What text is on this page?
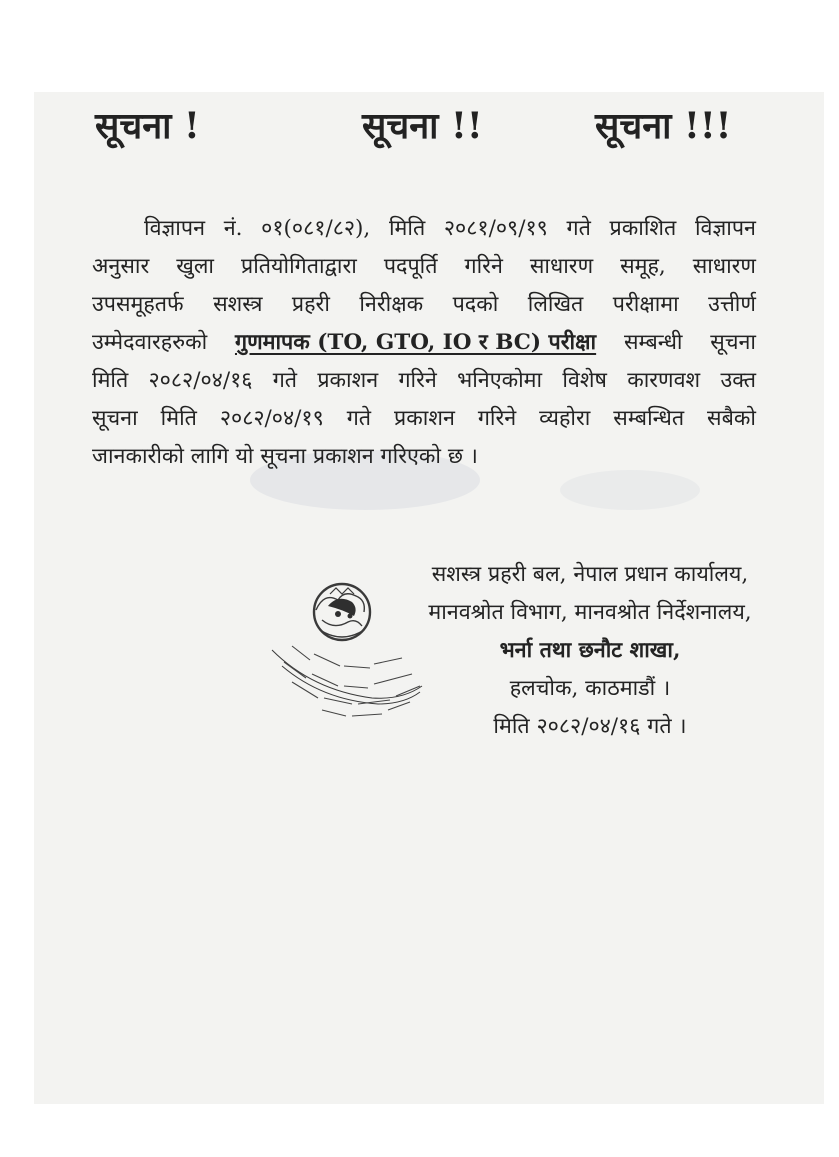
सूचना !	सूचना !!	सूचना !!!
विज्ञापन नं. ०१(०८१/८२), मिति २०८१/०९/१९ गते प्रकाशित विज्ञापन
अनुसार खुला प्रतियोगिताद्वारा पदपूर्ति गरिने साधारण समूह, साधारण
उपसमूहतर्फ सशस्त्र प्रहरी निरीक्षक पदको लिखित परीक्षामा उत्तीर्ण
उम्मेदवारहरुको गुणमापक (TO, GTO, IO र BC) परीक्षा सम्बन्धी सूचना
मिति २०८२/०४/१६ गते प्रकाशन गरिने भनिएकोमा विशेष कारणवश उक्त
सूचना मिति २०८२/०४/१९ गते प्रकाशन गरिने व्यहोरा सम्बन्धित सबैको
जानकारीको लागि यो सूचना प्रकाशन गरिएको छ ।
सशस्त्र प्रहरी बल, नेपाल प्रधान कार्यालय,
मानवश्रोत विभाग, मानवश्रोत निर्देशनालय,
भर्ना तथा छनौट शाखा,
हलचोक, काठमाडौं ।
मिति २०८२/०४/१६ गते ।
